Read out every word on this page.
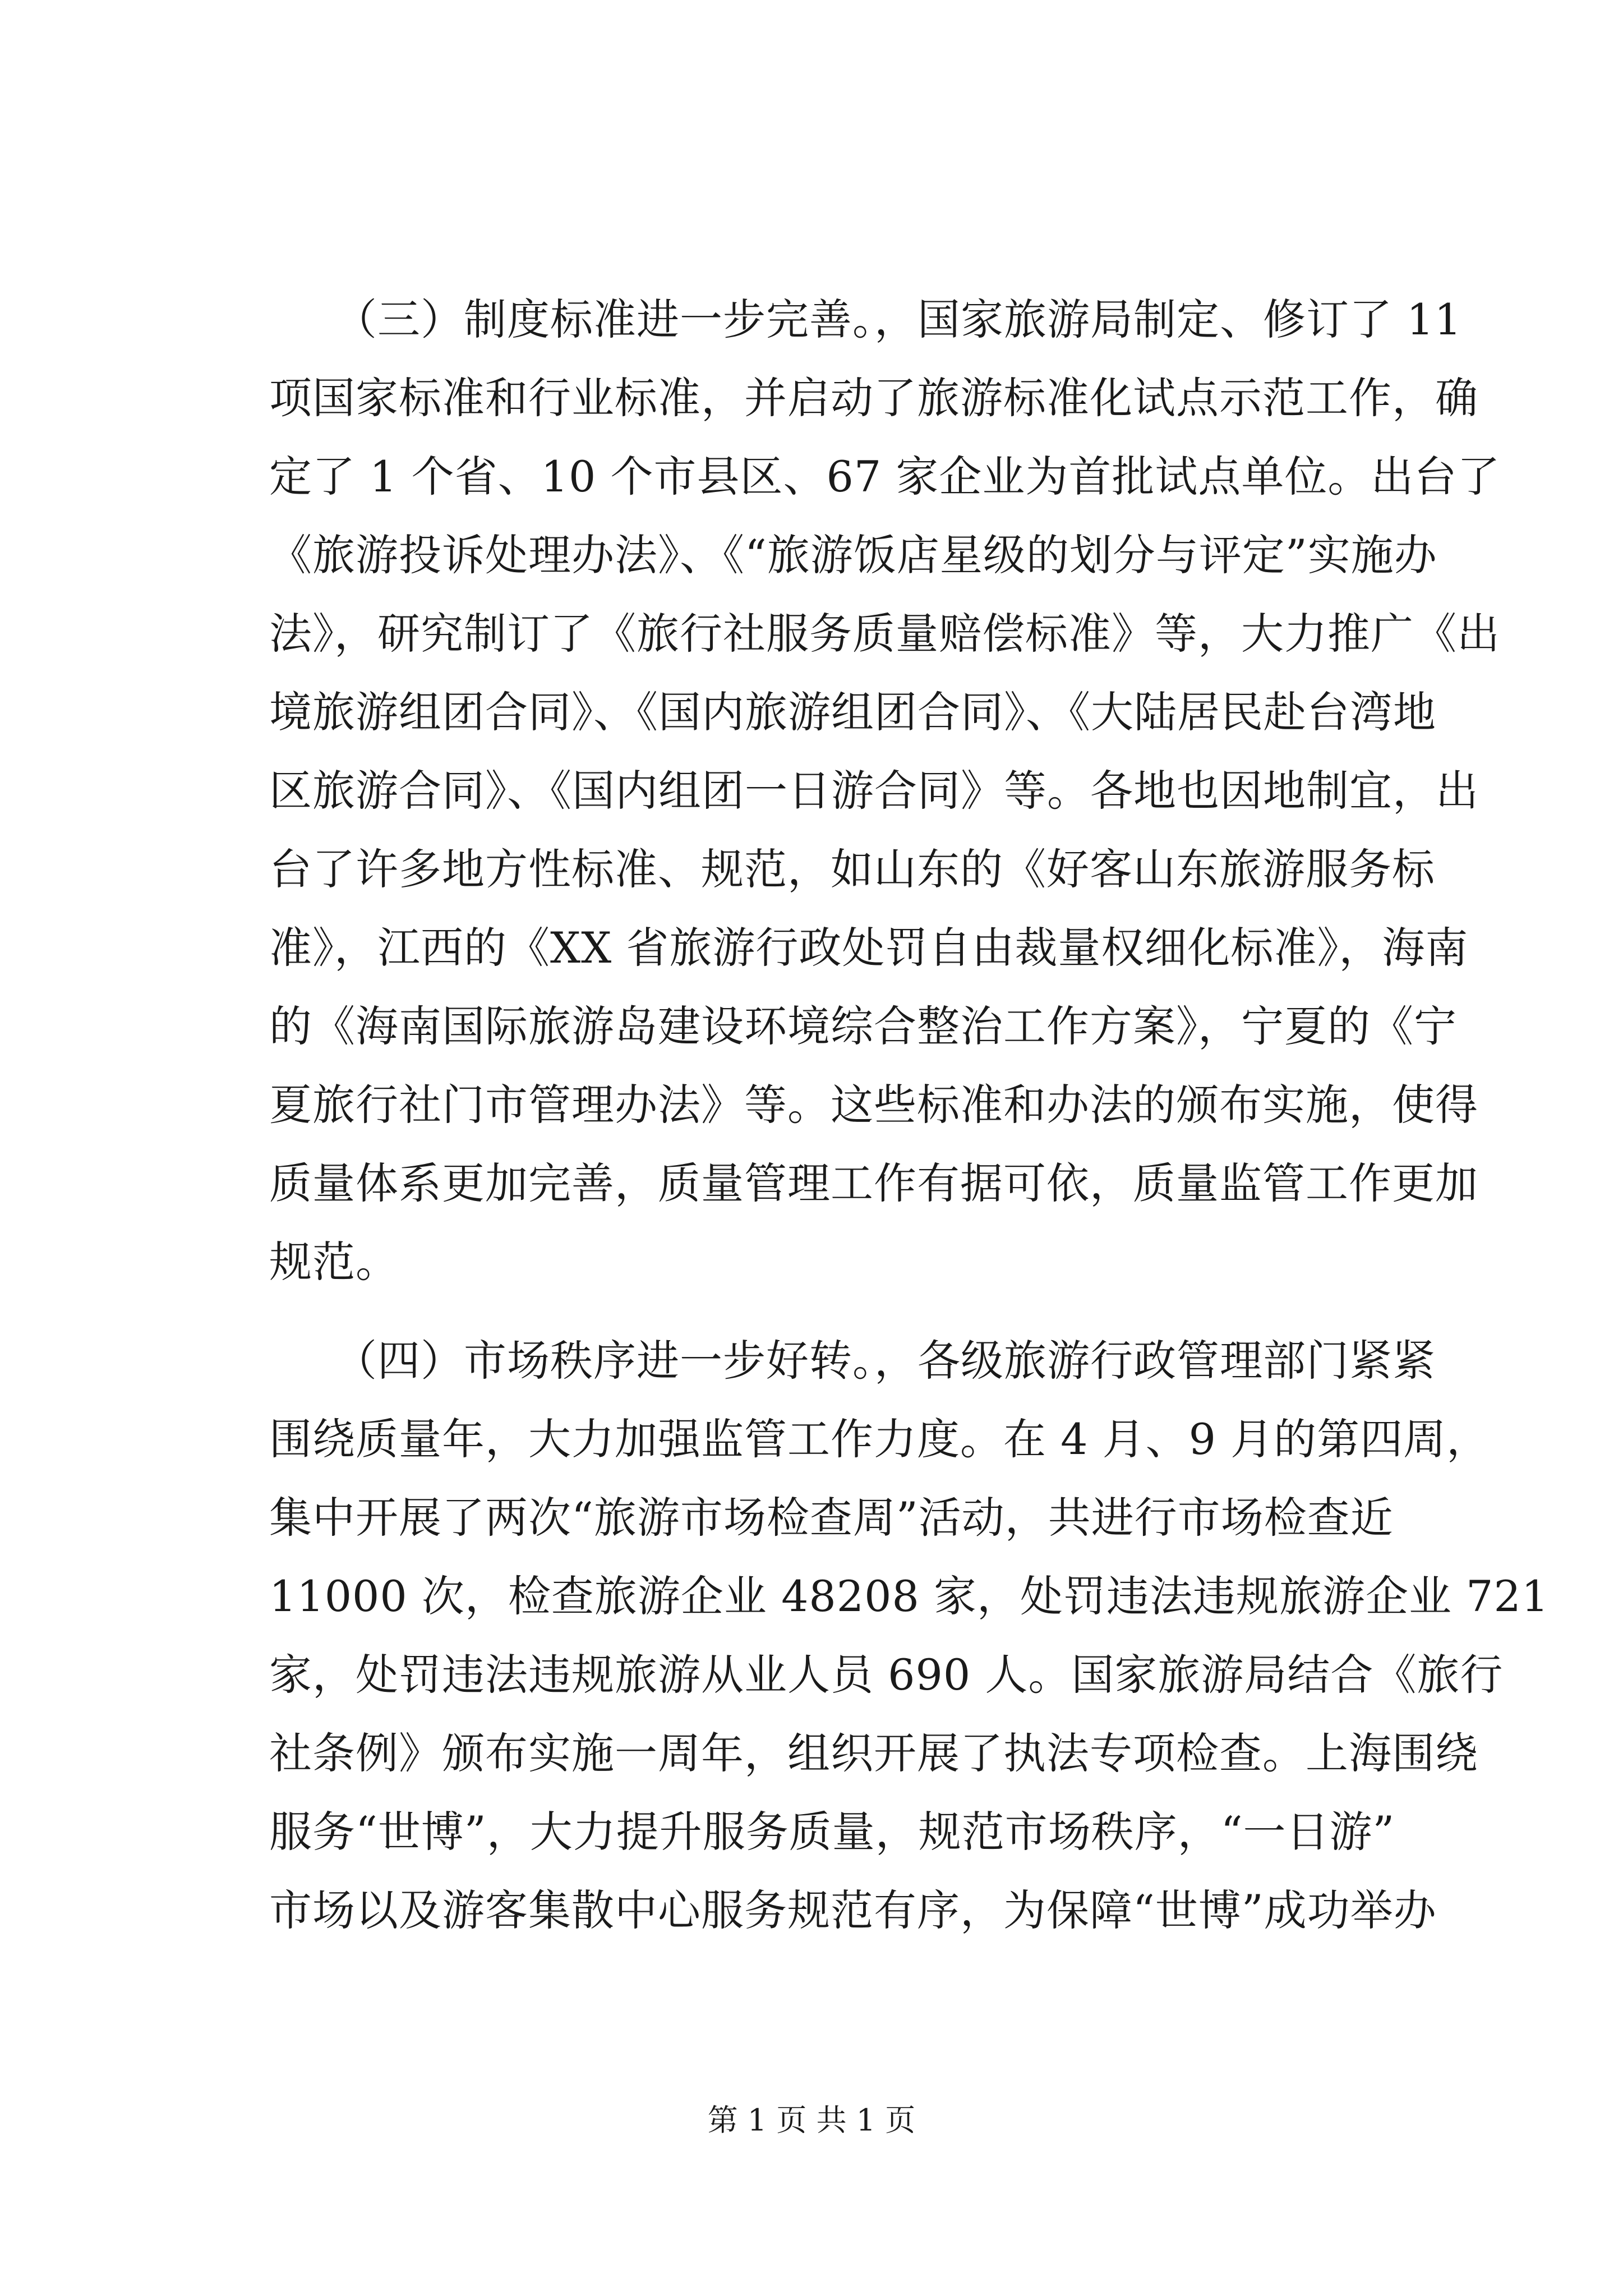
　　（三）制度标准进一步完善。，国家旅游局制定、修订了 11
项国家标准和行业标准，并启动了旅游标准化试点示范工作，确
定了 1 个省、10 个市县区、67 家企业为首批试点单位。出台了
《旅游投诉处理办法》、《“旅游饭店星级的划分与评定”实施办
法》，研究制订了《旅行社服务质量赔偿标准》等，大力推广《出
境旅游组团合同》、《国内旅游组团合同》、《大陆居民赴台湾地
区旅游合同》、《国内组团一日游合同》等。各地也因地制宜，出
台了许多地方性标准、规范，如山东的《好客山东旅游服务标
准》，江西的《XX 省旅游行政处罚自由裁量权细化标准》，海南
的《海南国际旅游岛建设环境综合整治工作方案》，宁夏的《宁
夏旅行社门市管理办法》等。这些标准和办法的颁布实施，使得
质量体系更加完善，质量管理工作有据可依，质量监管工作更加
规范。
　　（四）市场秩序进一步好转。，各级旅游行政管理部门紧紧
围绕质量年，大力加强监管工作力度。在 4 月、9 月的第四周，
集中开展了两次“旅游市场检查周”活动，共进行市场检查近
11000 次，检查旅游企业 48208 家，处罚违法违规旅游企业 721
家，处罚违法违规旅游从业人员 690 人。国家旅游局结合《旅行
社条例》颁布实施一周年，组织开展了执法专项检查。上海围绕
服务“世博”，大力提升服务质量，规范市场秩序，“一日游”
市场以及游客集散中心服务规范有序，为保障“世博”成功举办
第 1 页 共 1 页
